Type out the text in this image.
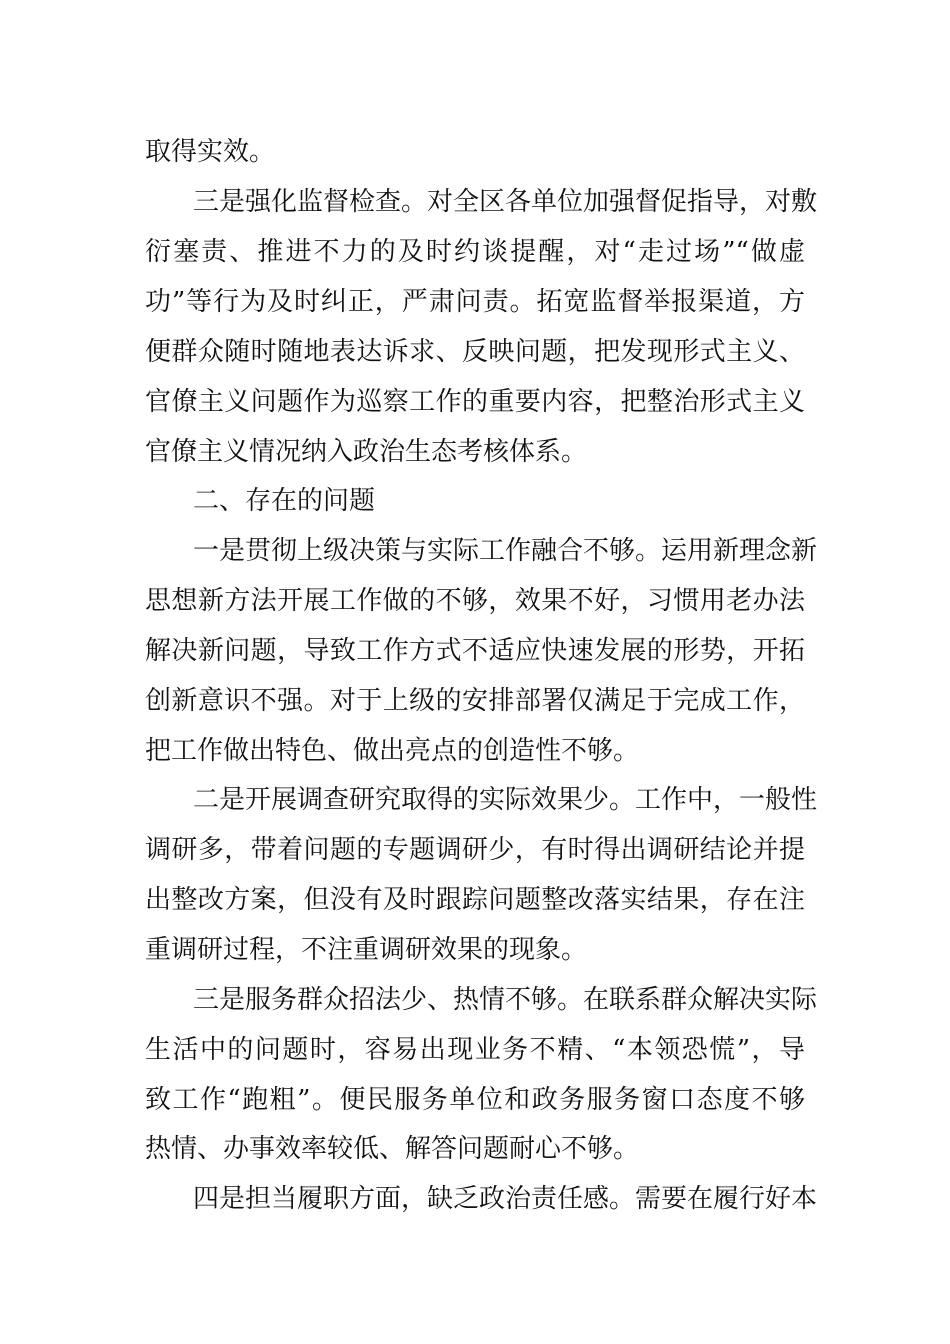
取得实效。
三是强化监督检查。对全区各单位加强督促指导，对敷
衍塞责、推进不力的及时约谈提醒，对“走过场”“做虚
功”等行为及时纠正，严肃问责。拓宽监督举报渠道，方
便群众随时随地表达诉求、反映问题，把发现形式主义、
官僚主义问题作为巡察工作的重要内容，把整治形式主义
官僚主义情况纳入政治生态考核体系。
二、存在的问题
一是贯彻上级决策与实际工作融合不够。运用新理念新
思想新方法开展工作做的不够，效果不好，习惯用老办法
解决新问题，导致工作方式不适应快速发展的形势，开拓
创新意识不强。对于上级的安排部署仅满足于完成工作，
把工作做出特色、做出亮点的创造性不够。
二是开展调查研究取得的实际效果少。工作中，一般性
调研多，带着问题的专题调研少，有时得出调研结论并提
出整改方案，但没有及时跟踪问题整改落实结果，存在注
重调研过程，不注重调研效果的现象。
三是服务群众招法少、热情不够。在联系群众解决实际
生活中的问题时，容易出现业务不精、“本领恐慌”，导
致工作“跑粗”。便民服务单位和政务服务窗口态度不够
热情、办事效率较低、解答问题耐心不够。
四是担当履职方面，缺乏政治责任感。需要在履行好本
